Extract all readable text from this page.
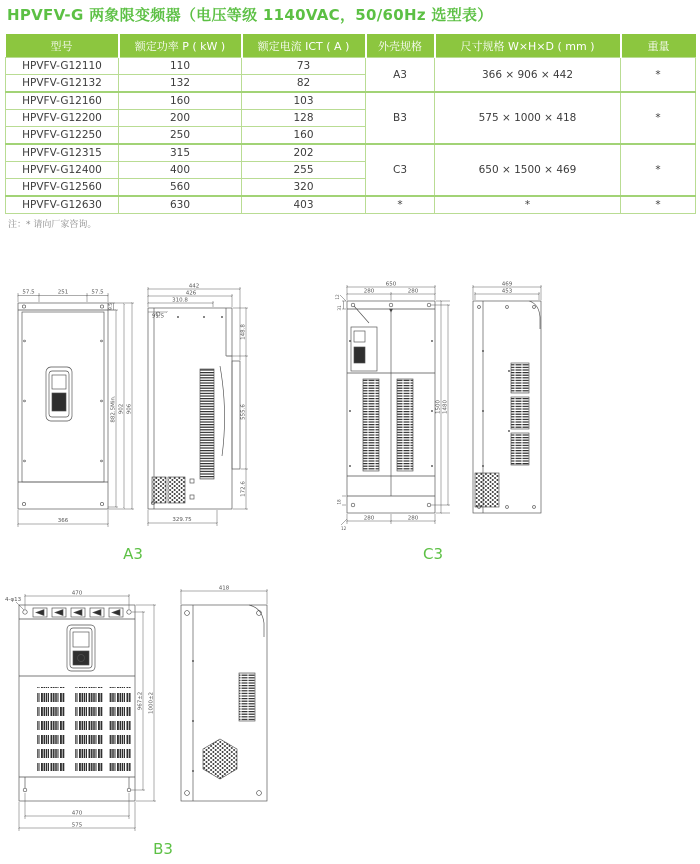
HPVFV-G 两象限变频器（电压等级 1140VAC，50/60Hz 选型表）
型号	额定功率 P ( kW )	额定电流 ICT ( A )	外壳规格	尺寸规格 W×H×D ( mm )	重量
HPVFV-G12110	110	73	A3	366 × 906 × 442	*
HPVFV-G12132	132	82			
HPVFV-G12160	160	103	B3	575 × 1000 × 418	*
HPVFV-G12200	200	128			
HPVFV-G12250	250	160			
HPVFV-G12315	315	202	C3	650 × 1500 × 469	*
HPVFV-G12400	400	255			
HPVFV-G12560	560	320			
HPVFV-G12630	630	403	*	*	*
注：* 请向厂家咨询。
57.5	251	57.5
9.5
882.5Min. 902 906
366
442
426
310.8
91.5
148.8
555.6
172.6
329.75
A3
650
280	280
12
31
1500 1480
280	280
18
12
469
453
C3
4-φ13
470
967±2 1000±2
470
575
418
B3
